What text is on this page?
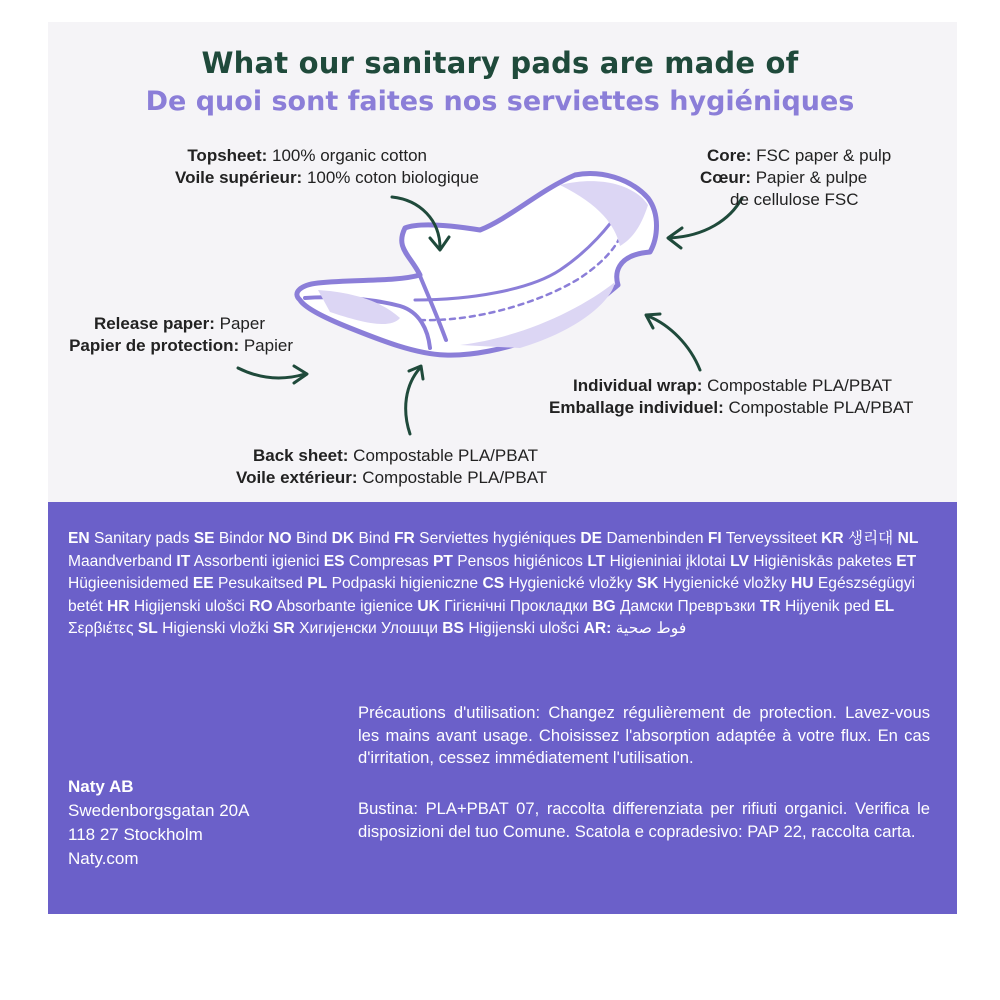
What our sanitary pads are made of
De quoi sont faites nos serviettes hygiéniques
Topsheet: 100% organic cotton
Voile supérieur: 100% coton biologique
Core: FSC paper & pulp
Cœur: Papier & pulpe
de cellulose FSC
Release paper: Paper
Papier de protection: Papier
Individual wrap: Compostable PLA/PBAT
Emballage individuel: Compostable PLA/PBAT
Back sheet: Compostable PLA/PBAT
Voile extérieur: Compostable PLA/PBAT
EN Sanitary pads SE Bindor NO Bind DK Bind FR Serviettes hygiéniques DE Damenbinden FI Terveyssiteet KR 생리대 NL Maandverband IT Assorbenti igienici ES Compresas PT Pensos higiénicos LT Higieniniai įklotai LV Higiēniskās paketes ET Hügieenisidemed EE Pesukaitsed PL Podpaski higieniczne CS Hygienické vložky SK Hygienické vložky HU Egészségügyi betét HR Higijenski ulošci RO Absorbante igienice UK Гігієнічні Прокладки BG Дамски Превръзки TR Hijyenik ped EL Σερβιέτες SL Higienski vložki SR Хигијенски Улошци BS Higijenski ulošci AR: فوط صحية
Naty AB
Swedenborgsgatan 20A
118 27 Stockholm
Naty.com
Précautions d'utilisation: Changez régulièrement de protection. Lavez-vous les mains avant usage. Choisissez l'absorption adaptée à votre flux. En cas d'irritation, cessez immédiatement l'utilisation.
Bustina: PLA+PBAT 07, raccolta differenziata per rifiuti organici. Verifica le disposizioni del tuo Comune. Scatola e copradesivo: PAP 22, raccolta carta.
